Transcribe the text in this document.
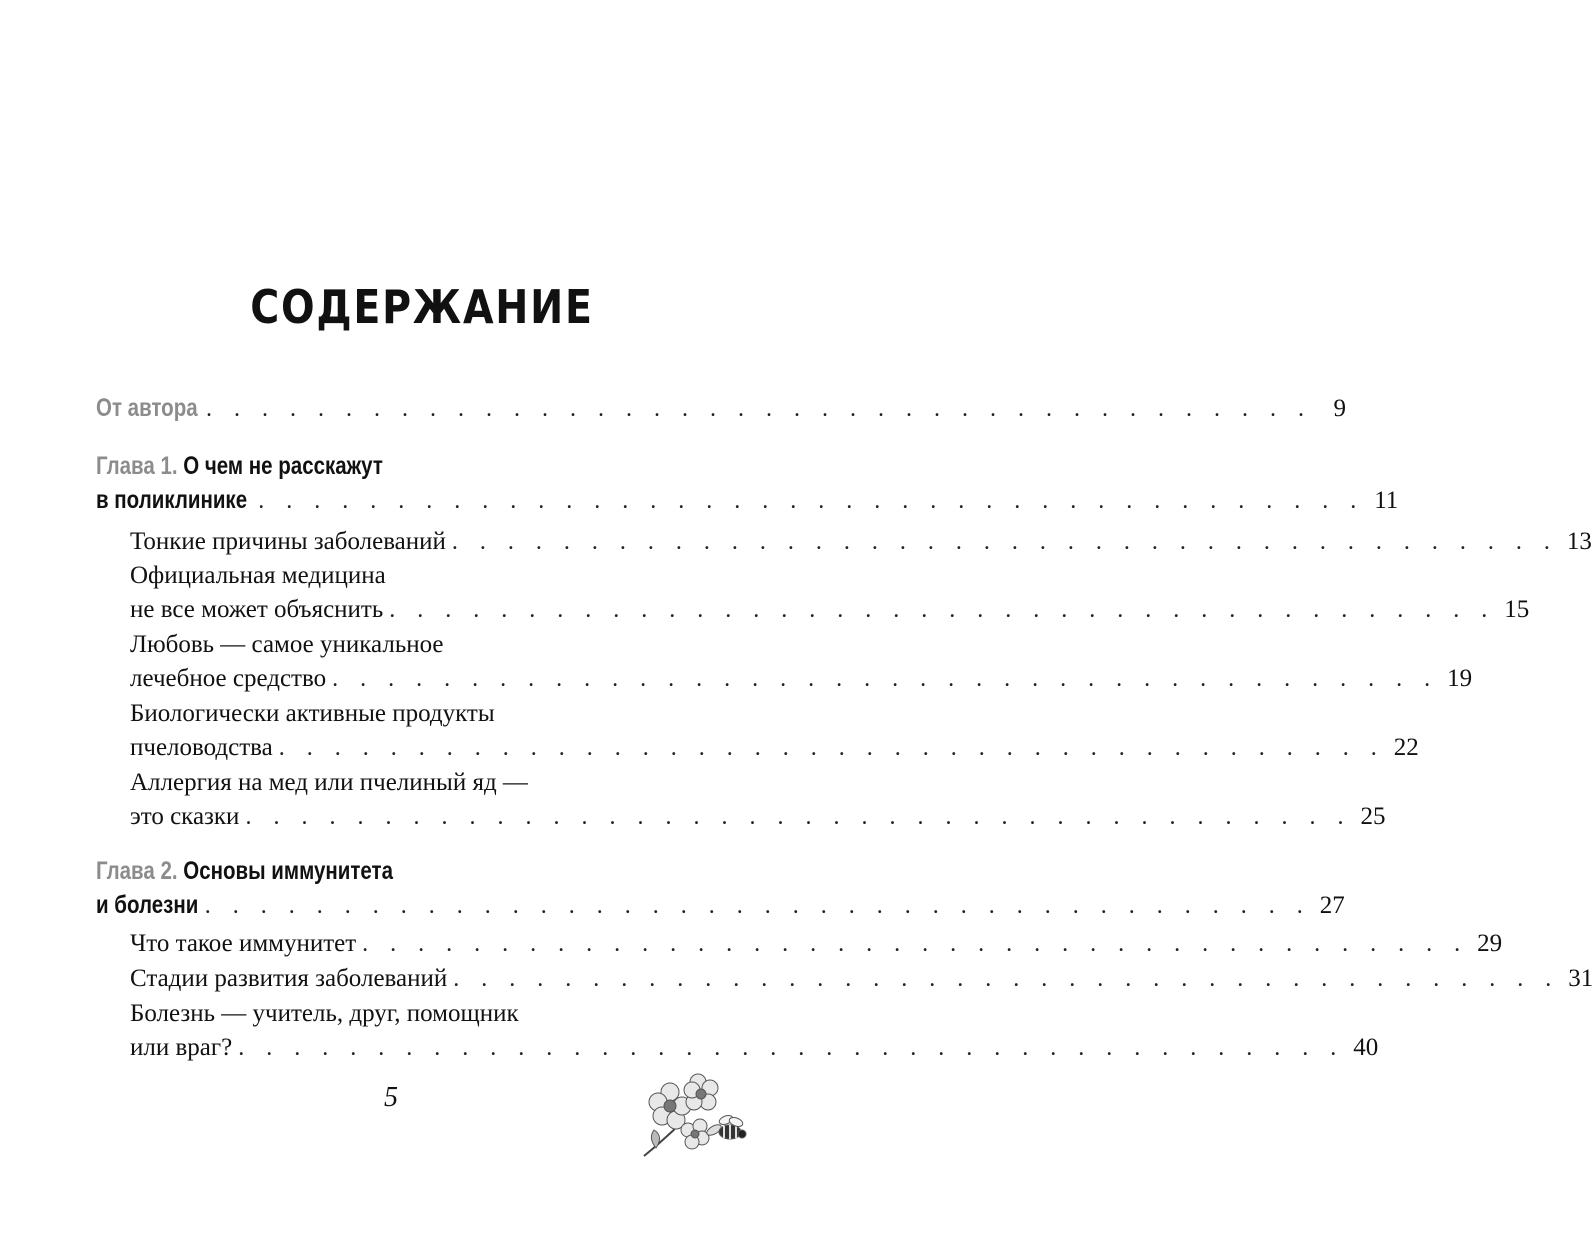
СОДЕРЖАНИЕ
От автора . . . . . . . . . . . . . . . . . . . . . . . . . . . . . . . . . . . . . . . . 9
Глава 1. О чем не расскажут
в поликлинике . . . . . . . . . . . . . . . . . . . . . . . . . . . . . . . . . . . . . . . . 11
Тонкие причины заболеваний . . . . . . . . . . . . . . . . . . . . . . . . . . . . . . . . . . . . . . . . 13
Официальная медицина
не все может объяснить . . . . . . . . . . . . . . . . . . . . . . . . . . . . . . . . . . . . . . . . 15
Любовь — самое уникальное
лечебное средство . . . . . . . . . . . . . . . . . . . . . . . . . . . . . . . . . . . . . . . . 19
Биологически активные продукты
пчеловодства . . . . . . . . . . . . . . . . . . . . . . . . . . . . . . . . . . . . . . . . 22
Аллергия на мед или пчелиный яд —
это сказки . . . . . . . . . . . . . . . . . . . . . . . . . . . . . . . . . . . . . . . . 25
Глава 2. Основы иммунитета
и болезни . . . . . . . . . . . . . . . . . . . . . . . . . . . . . . . . . . . . . . . . 27
Что такое иммунитет . . . . . . . . . . . . . . . . . . . . . . . . . . . . . . . . . . . . . . . . 29
Стадии развития заболеваний . . . . . . . . . . . . . . . . . . . . . . . . . . . . . . . . . . . . . . . . 31
Болезнь — учитель, друг, помощник
или враг? . . . . . . . . . . . . . . . . . . . . . . . . . . . . . . . . . . . . . . . . 40
5
